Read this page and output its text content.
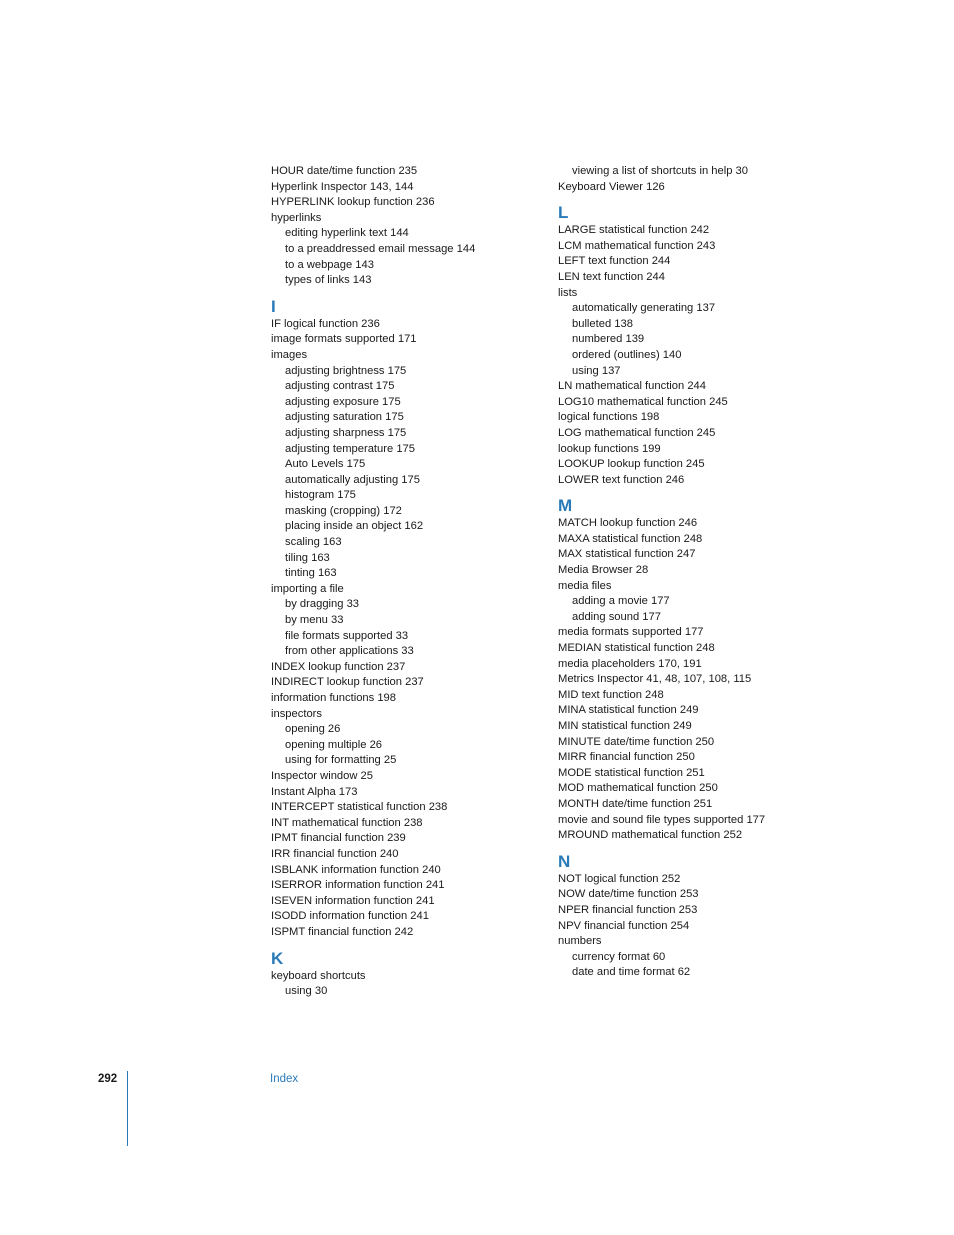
HOUR date/time function 235
Hyperlink Inspector 143, 144
HYPERLINK lookup function 236
hyperlinks
editing hyperlink text 144
to a preaddressed email message 144
to a webpage 143
types of links 143
I
IF logical function 236
image formats supported 171
images
adjusting brightness 175
adjusting contrast 175
adjusting exposure 175
adjusting saturation 175
adjusting sharpness 175
adjusting temperature 175
Auto Levels 175
automatically adjusting 175
histogram 175
masking (cropping) 172
placing inside an object 162
scaling 163
tiling 163
tinting 163
importing a file
by dragging 33
by menu 33
file formats supported 33
from other applications 33
INDEX lookup function 237
INDIRECT lookup function 237
information functions 198
inspectors
opening 26
opening multiple 26
using for formatting 25
Inspector window 25
Instant Alpha 173
INTERCEPT statistical function 238
INT mathematical function 238
IPMT financial function 239
IRR financial function 240
ISBLANK information function 240
ISERROR information function 241
ISEVEN information function 241
ISODD information function 241
ISPMT financial function 242
K
keyboard shortcuts
using 30
viewing a list of shortcuts in help 30
Keyboard Viewer 126
L
LARGE statistical function 242
LCM mathematical function 243
LEFT text function 244
LEN text function 244
lists
automatically generating 137
bulleted 138
numbered 139
ordered (outlines) 140
using 137
LN mathematical function 244
LOG10 mathematical function 245
logical functions 198
LOG mathematical function 245
lookup functions 199
LOOKUP lookup function 245
LOWER text function 246
M
MATCH lookup function 246
MAXA statistical function 248
MAX statistical function 247
Media Browser 28
media files
adding a movie 177
adding sound 177
media formats supported 177
MEDIAN statistical function 248
media placeholders 170, 191
Metrics Inspector 41, 48, 107, 108, 115
MID text function 248
MINA statistical function 249
MIN statistical function 249
MINUTE date/time function 250
MIRR financial function 250
MODE statistical function 251
MOD mathematical function 250
MONTH date/time function 251
movie and sound file types supported 177
MROUND mathematical function 252
N
NOT logical function 252
NOW date/time function 253
NPER financial function 253
NPV financial function 254
numbers
currency format 60
date and time format 62
292	Index
